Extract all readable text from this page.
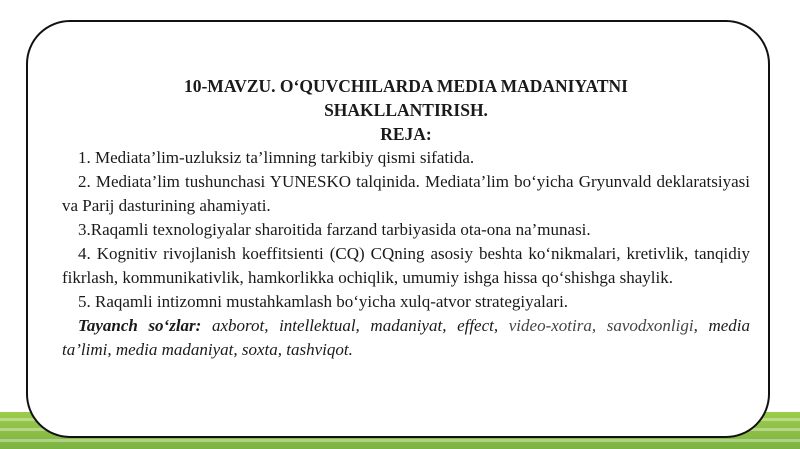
10-MAVZU. O‘QUVCHILARDA MEDIA MADANIYATNI
SHAKLLANTIRISH.
REJA:

1. Mediata’lim-uzluksiz ta’limning tarkibiy qismi sifatida.

2. Mediata’lim tushunchasi YUNESKO talqinida. Mediata’lim bo‘yicha Gryunvald deklaratsiyasi va Parij dasturining ahamiyati.

3.Raqamli texnologiyalar sharoitida farzand tarbiyasida ota-ona na’munasi.

4. Kognitiv rivojlanish koeffitsienti (CQ) CQning asosiy beshta ko‘nikmalari, kretivlik, tanqidiy fikrlash, kommunikativlik, hamkorlikka ochiqlik, umumiy ishga hissa qo‘shishga shaylik.

5. Raqamli intizomni mustahkamlash bo‘yicha xulq-atvor strategiyalari.

Tayanch so‘zlar: axborot, intellektual, madaniyat, effect, video-xotira, savodxonligi, media ta’limi, media madaniyat, soxta, tashviqot.
